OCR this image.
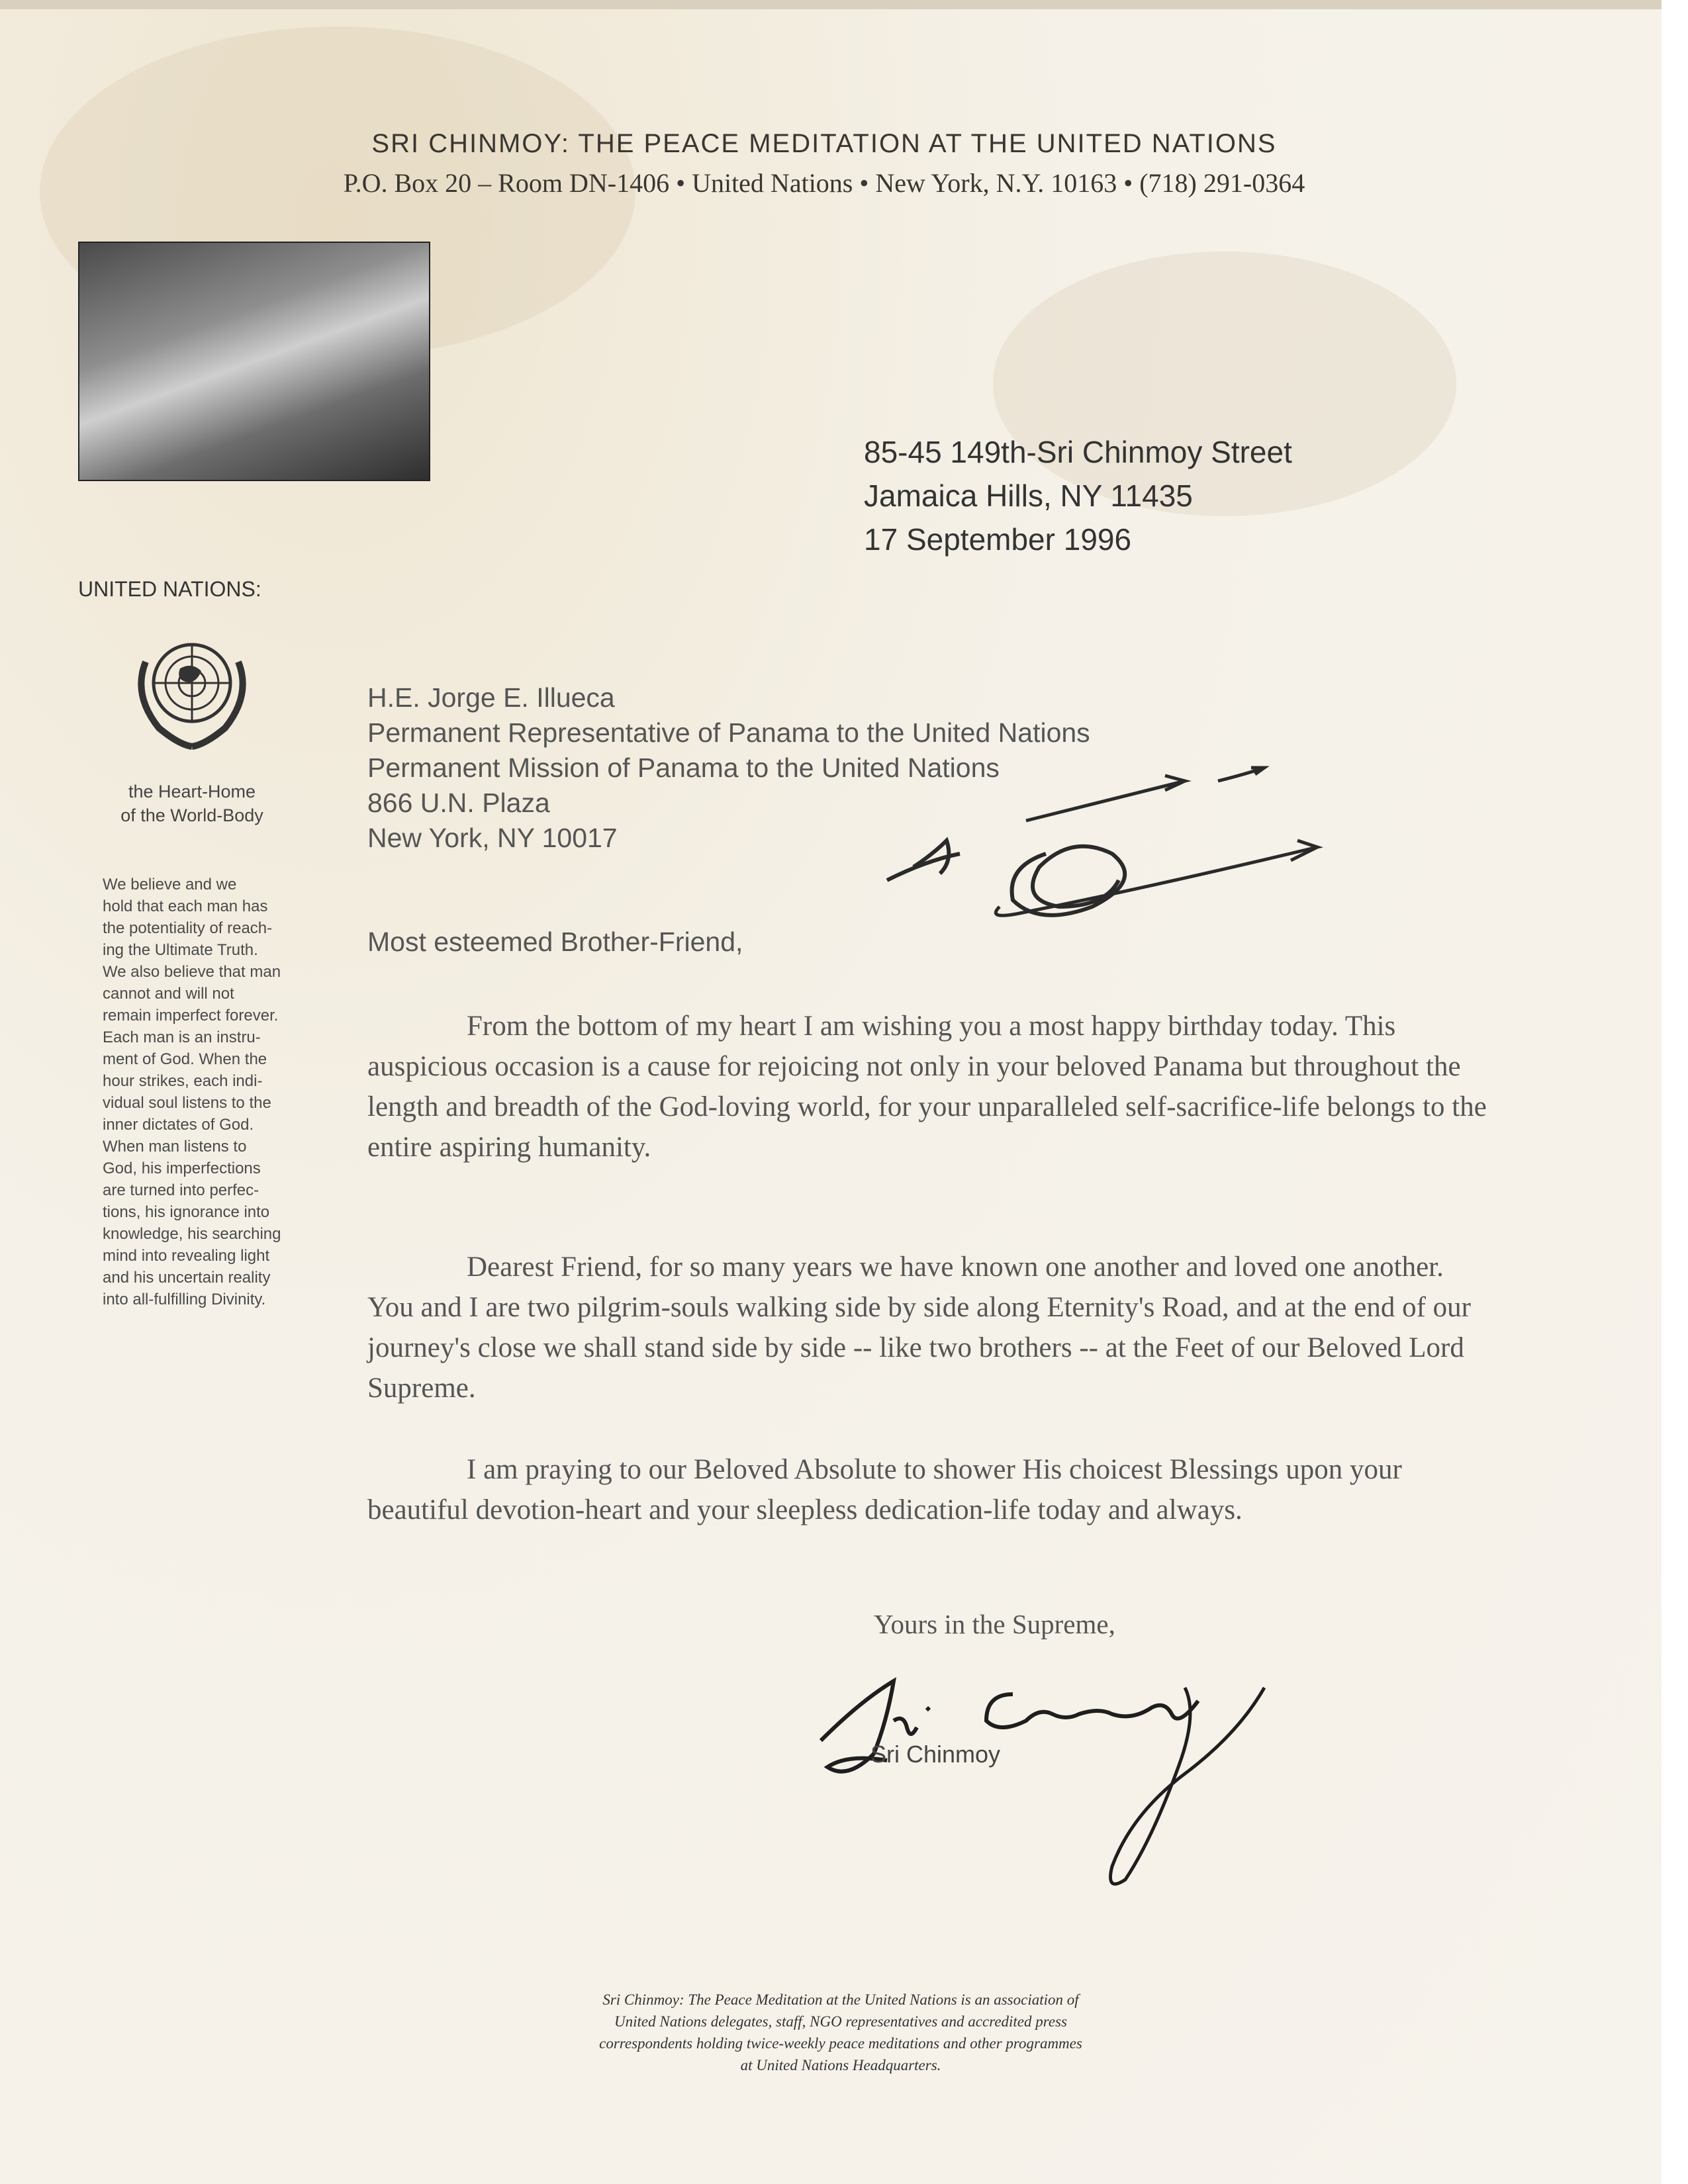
SRI CHINMOY: THE PEACE MEDITATION AT THE UNITED NATIONS
P.O. Box 20 – Room DN-1406 • United Nations • New York, N.Y. 10163 • (718) 291-0364
85-45 149th-Sri Chinmoy Street
Jamaica Hills, NY 11435
17 September 1996
UNITED NATIONS:
the Heart-Home
of the World-Body
We believe and we
hold that each man has
the potentiality of reach-
ing the Ultimate Truth.
We also believe that man
cannot and will not
remain imperfect forever.
Each man is an instru-
ment of God. When the
hour strikes, each indi-
vidual soul listens to the
inner dictates of God.
When man listens to
God, his imperfections
are turned into perfec-
tions, his ignorance into
knowledge, his searching
mind into revealing light
and his uncertain reality
into all-fulfilling Divinity.
H.E. Jorge E. Illueca
Permanent Representative of Panama to the United Nations
Permanent Mission of Panama to the United Nations
866 U.N. Plaza
New York, NY 10017
Most esteemed Brother-Friend,
From the bottom of my heart I am wishing you a most happy birthday today. This auspicious occasion is a cause for rejoicing not only in your beloved Panama but throughout the length and breadth of the God-loving world, for your unparalleled self-sacrifice-life belongs to the entire aspiring humanity.
Dearest Friend, for so many years we have known one another and loved one another. You and I are two pilgrim-souls walking side by side along Eternity's Road, and at the end of our journey's close we shall stand side by side -- like two brothers -- at the Feet of our Beloved Lord Supreme.
I am praying to our Beloved Absolute to shower His choicest Blessings upon your beautiful devotion-heart and your sleepless dedication-life today and always.
Yours in the Supreme,
Sri Chinmoy
Sri Chinmoy: The Peace Meditation at the United Nations is an association of
United Nations delegates, staff, NGO representatives and accredited press
correspondents holding twice-weekly peace meditations and other programmes
at United Nations Headquarters.
